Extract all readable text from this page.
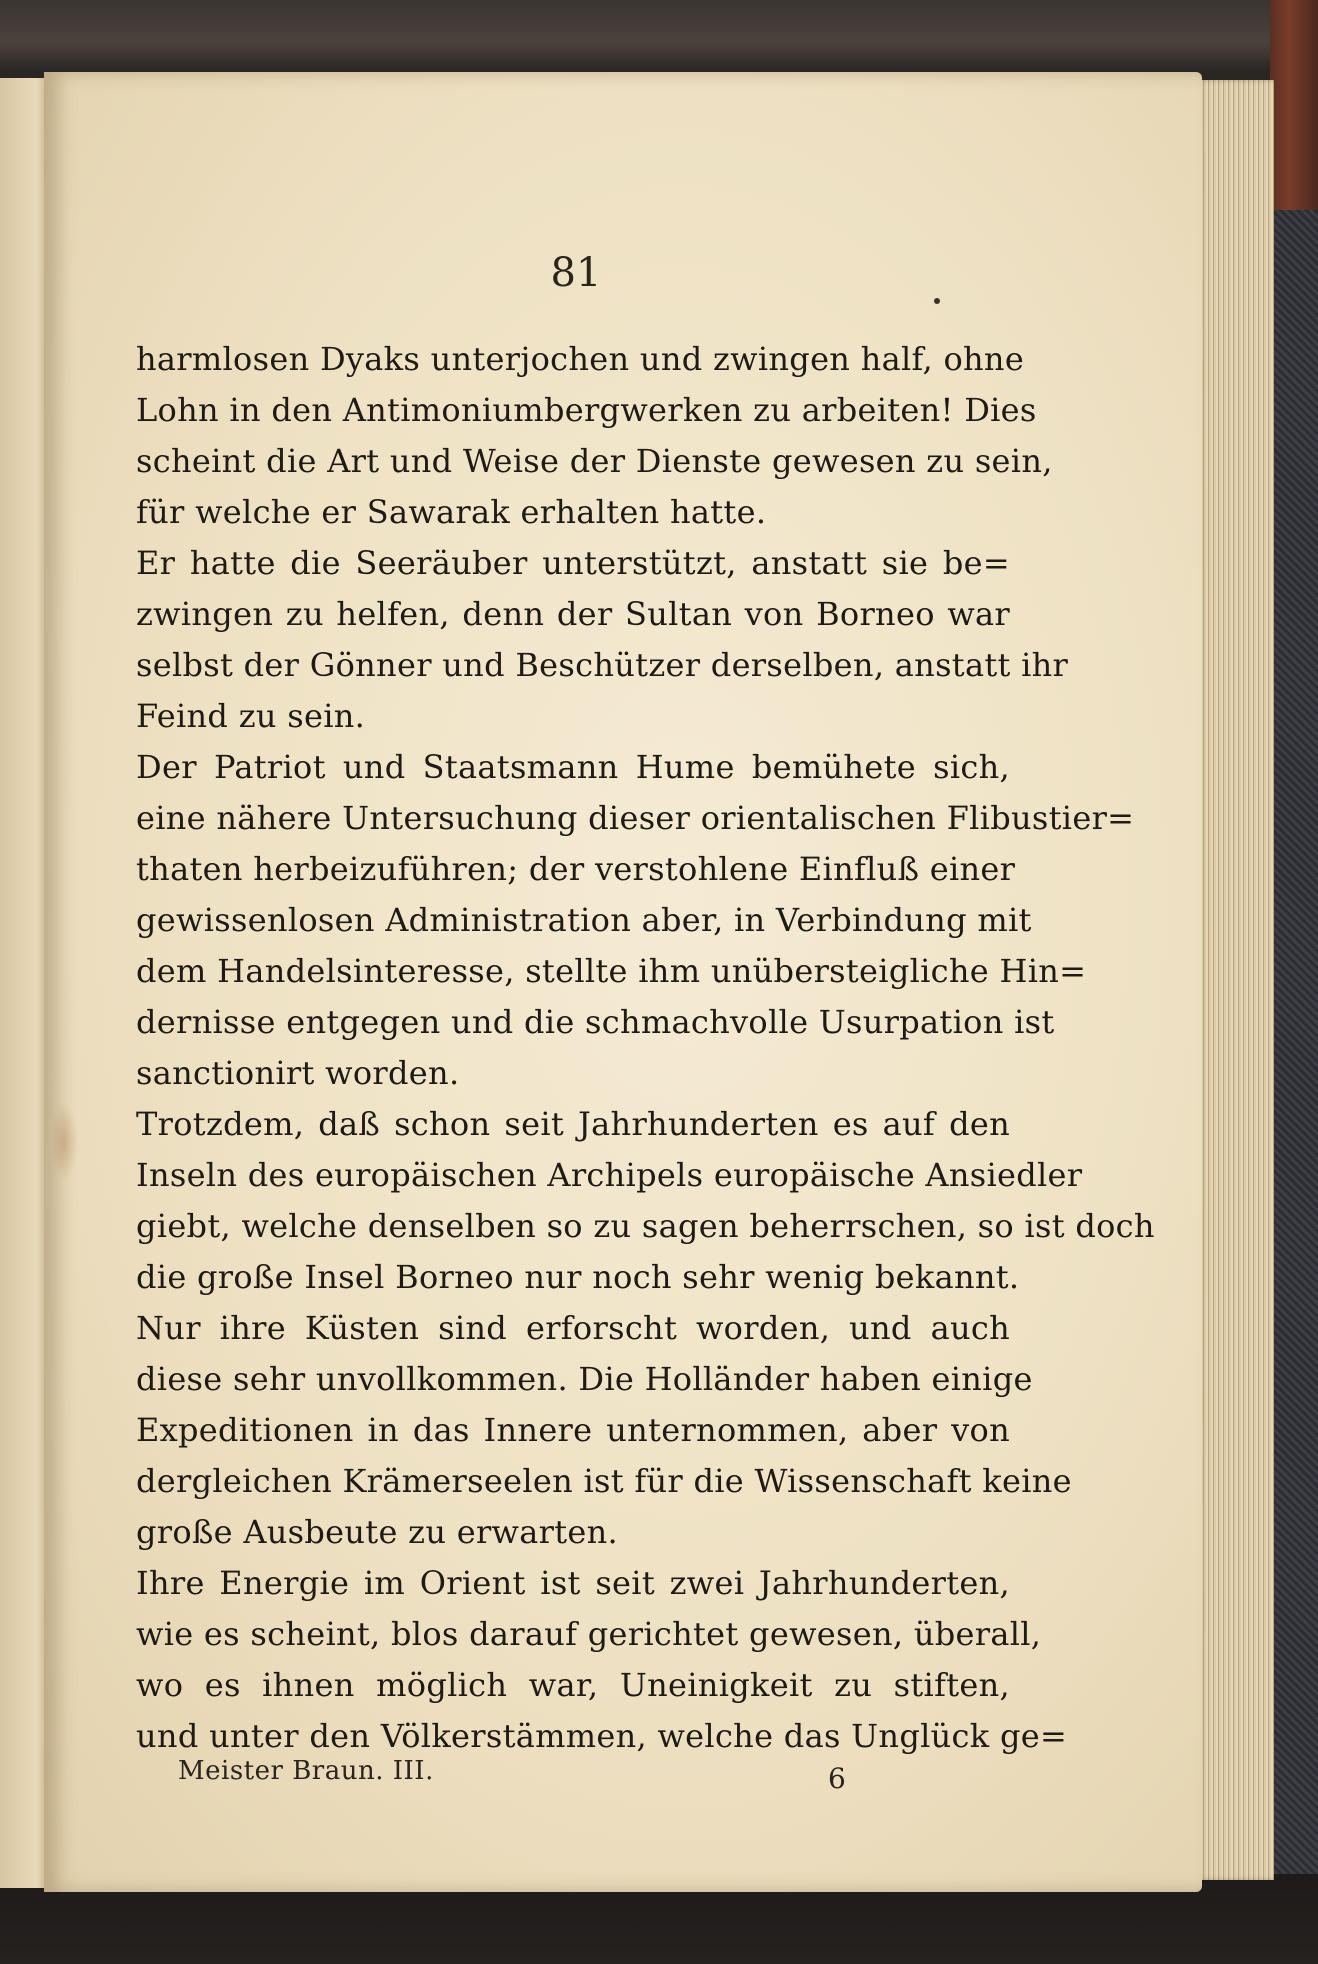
81
harmlosen Dyaks unterjochen und zwingen half, ohne
Lohn in den Antimoniumbergwerken zu arbeiten! Dies
scheint die Art und Weise der Dienste gewesen zu sein,
für welche er Sawarak erhalten hatte.
Er hatte die Seeräuber unterstützt, anstatt sie be=
zwingen zu helfen, denn der Sultan von Borneo war
selbst der Gönner und Beschützer derselben, anstatt ihr
Feind zu sein.
Der Patriot und Staatsmann Hume bemühete sich,
eine nähere Untersuchung dieser orientalischen Flibustier=
thaten herbeizuführen; der verstohlene Einfluß einer
gewissenlosen Administration aber, in Verbindung mit
dem Handelsinteresse, stellte ihm unübersteigliche Hin=
dernisse entgegen und die schmachvolle Usurpation ist
sanctionirt worden.
Trotzdem, daß schon seit Jahrhunderten es auf den
Inseln des europäischen Archipels europäische Ansiedler
giebt, welche denselben so zu sagen beherrschen, so ist doch
die große Insel Borneo nur noch sehr wenig bekannt.
Nur ihre Küsten sind erforscht worden, und auch
diese sehr unvollkommen. Die Holländer haben einige
Expeditionen in das Innere unternommen, aber von
dergleichen Krämerseelen ist für die Wissenschaft keine
große Ausbeute zu erwarten.
Ihre Energie im Orient ist seit zwei Jahrhunderten,
wie es scheint, blos darauf gerichtet gewesen, überall,
wo es ihnen möglich war, Uneinigkeit zu stiften,
und unter den Völkerstämmen, welche das Unglück ge=
Meister Braun. III.	6
